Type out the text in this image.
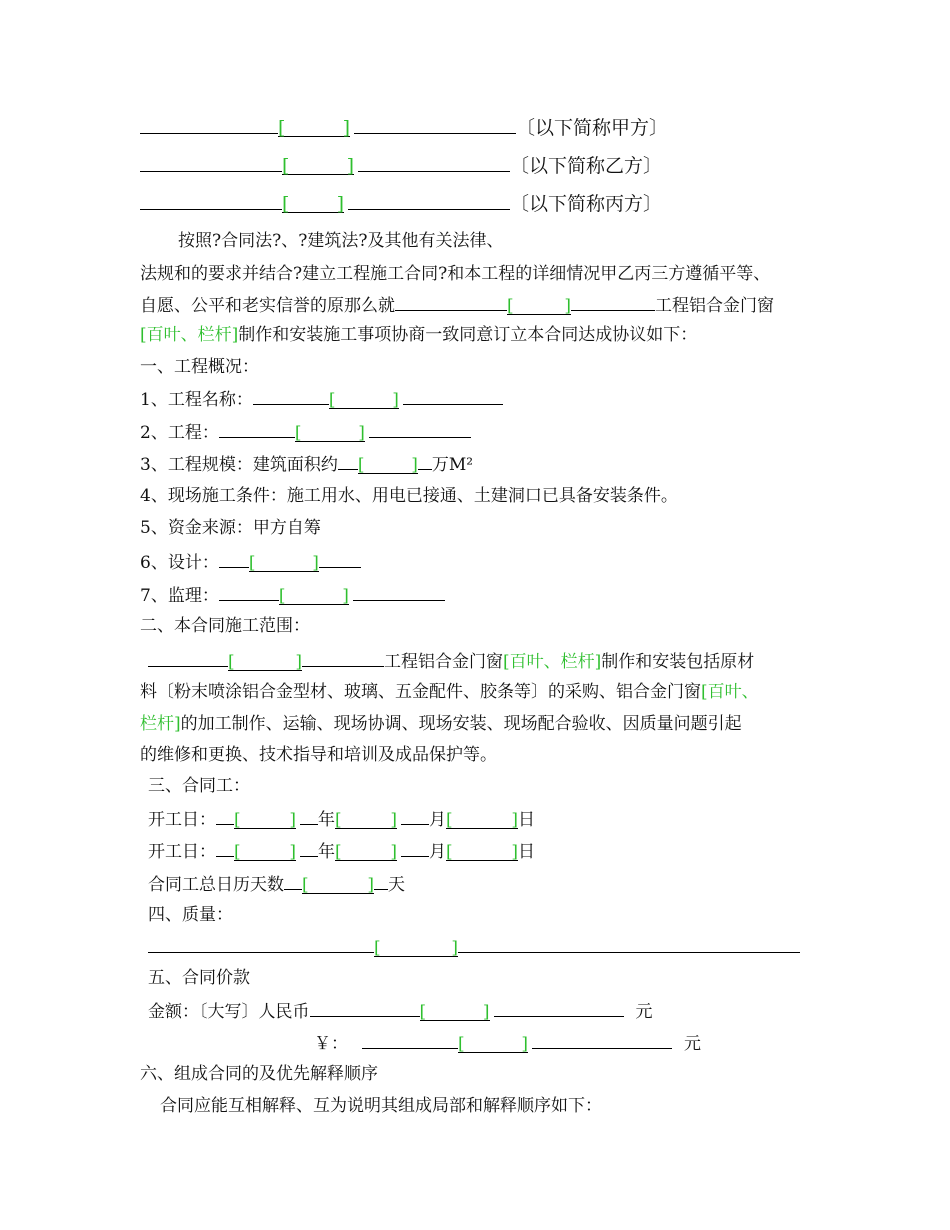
[ ]	〔以下简称甲方〕
[ ]	〔以下简称乙方〕
[ ]	〔以下简称丙方〕
按照?合同法?、?建筑法?及其他有关法律、
法规和的要求并结合?建立工程施工合同?和本工程的详细情况甲乙丙三方遵循平等、
自愿、公平和老实信誉的原那么就	[ ]	工程铝合金门窗
[百叶、栏杆]制作和安装施工事项协商一致同意订立本合同达成协议如下：
一、工程概况：
1、工程名称：	[ ]
2、工程：	[ ]
3、工程规模：建筑面积约 [ ] 万M²
4、现场施工条件：施工用水、用电已接通、土建洞口已具备安装条件。
5、资金来源：甲方自筹
6、设计： [ ]
7、监理：	[ ]
二、本合同施工范围：
[ ]	工程铝合金门窗[百叶、栏杆]制作和安装包括原材
料〔粉末喷涂铝合金型材、玻璃、五金配件、胶条等〕的采购、铝合金门窗[百叶、
栏杆]的加工制作、运输、现场协调、现场安装、现场配合验收、因质量问题引起
的维修和更换、技术指导和培训及成品保护等。
三、合同工：
开工日： [ ] 年[ ] 月[ ]日
开工日： [ ] 年[ ] 月[ ]日
合同工总日历天数 [ ] 天
四、质量：
[ ]
五、合同价款
金额：〔大写〕人民币	[ ]	元
￥：	[ ]	元
六、组成合同的及优先解释顺序
合同应能互相解释、互为说明其组成局部和解释顺序如下：
